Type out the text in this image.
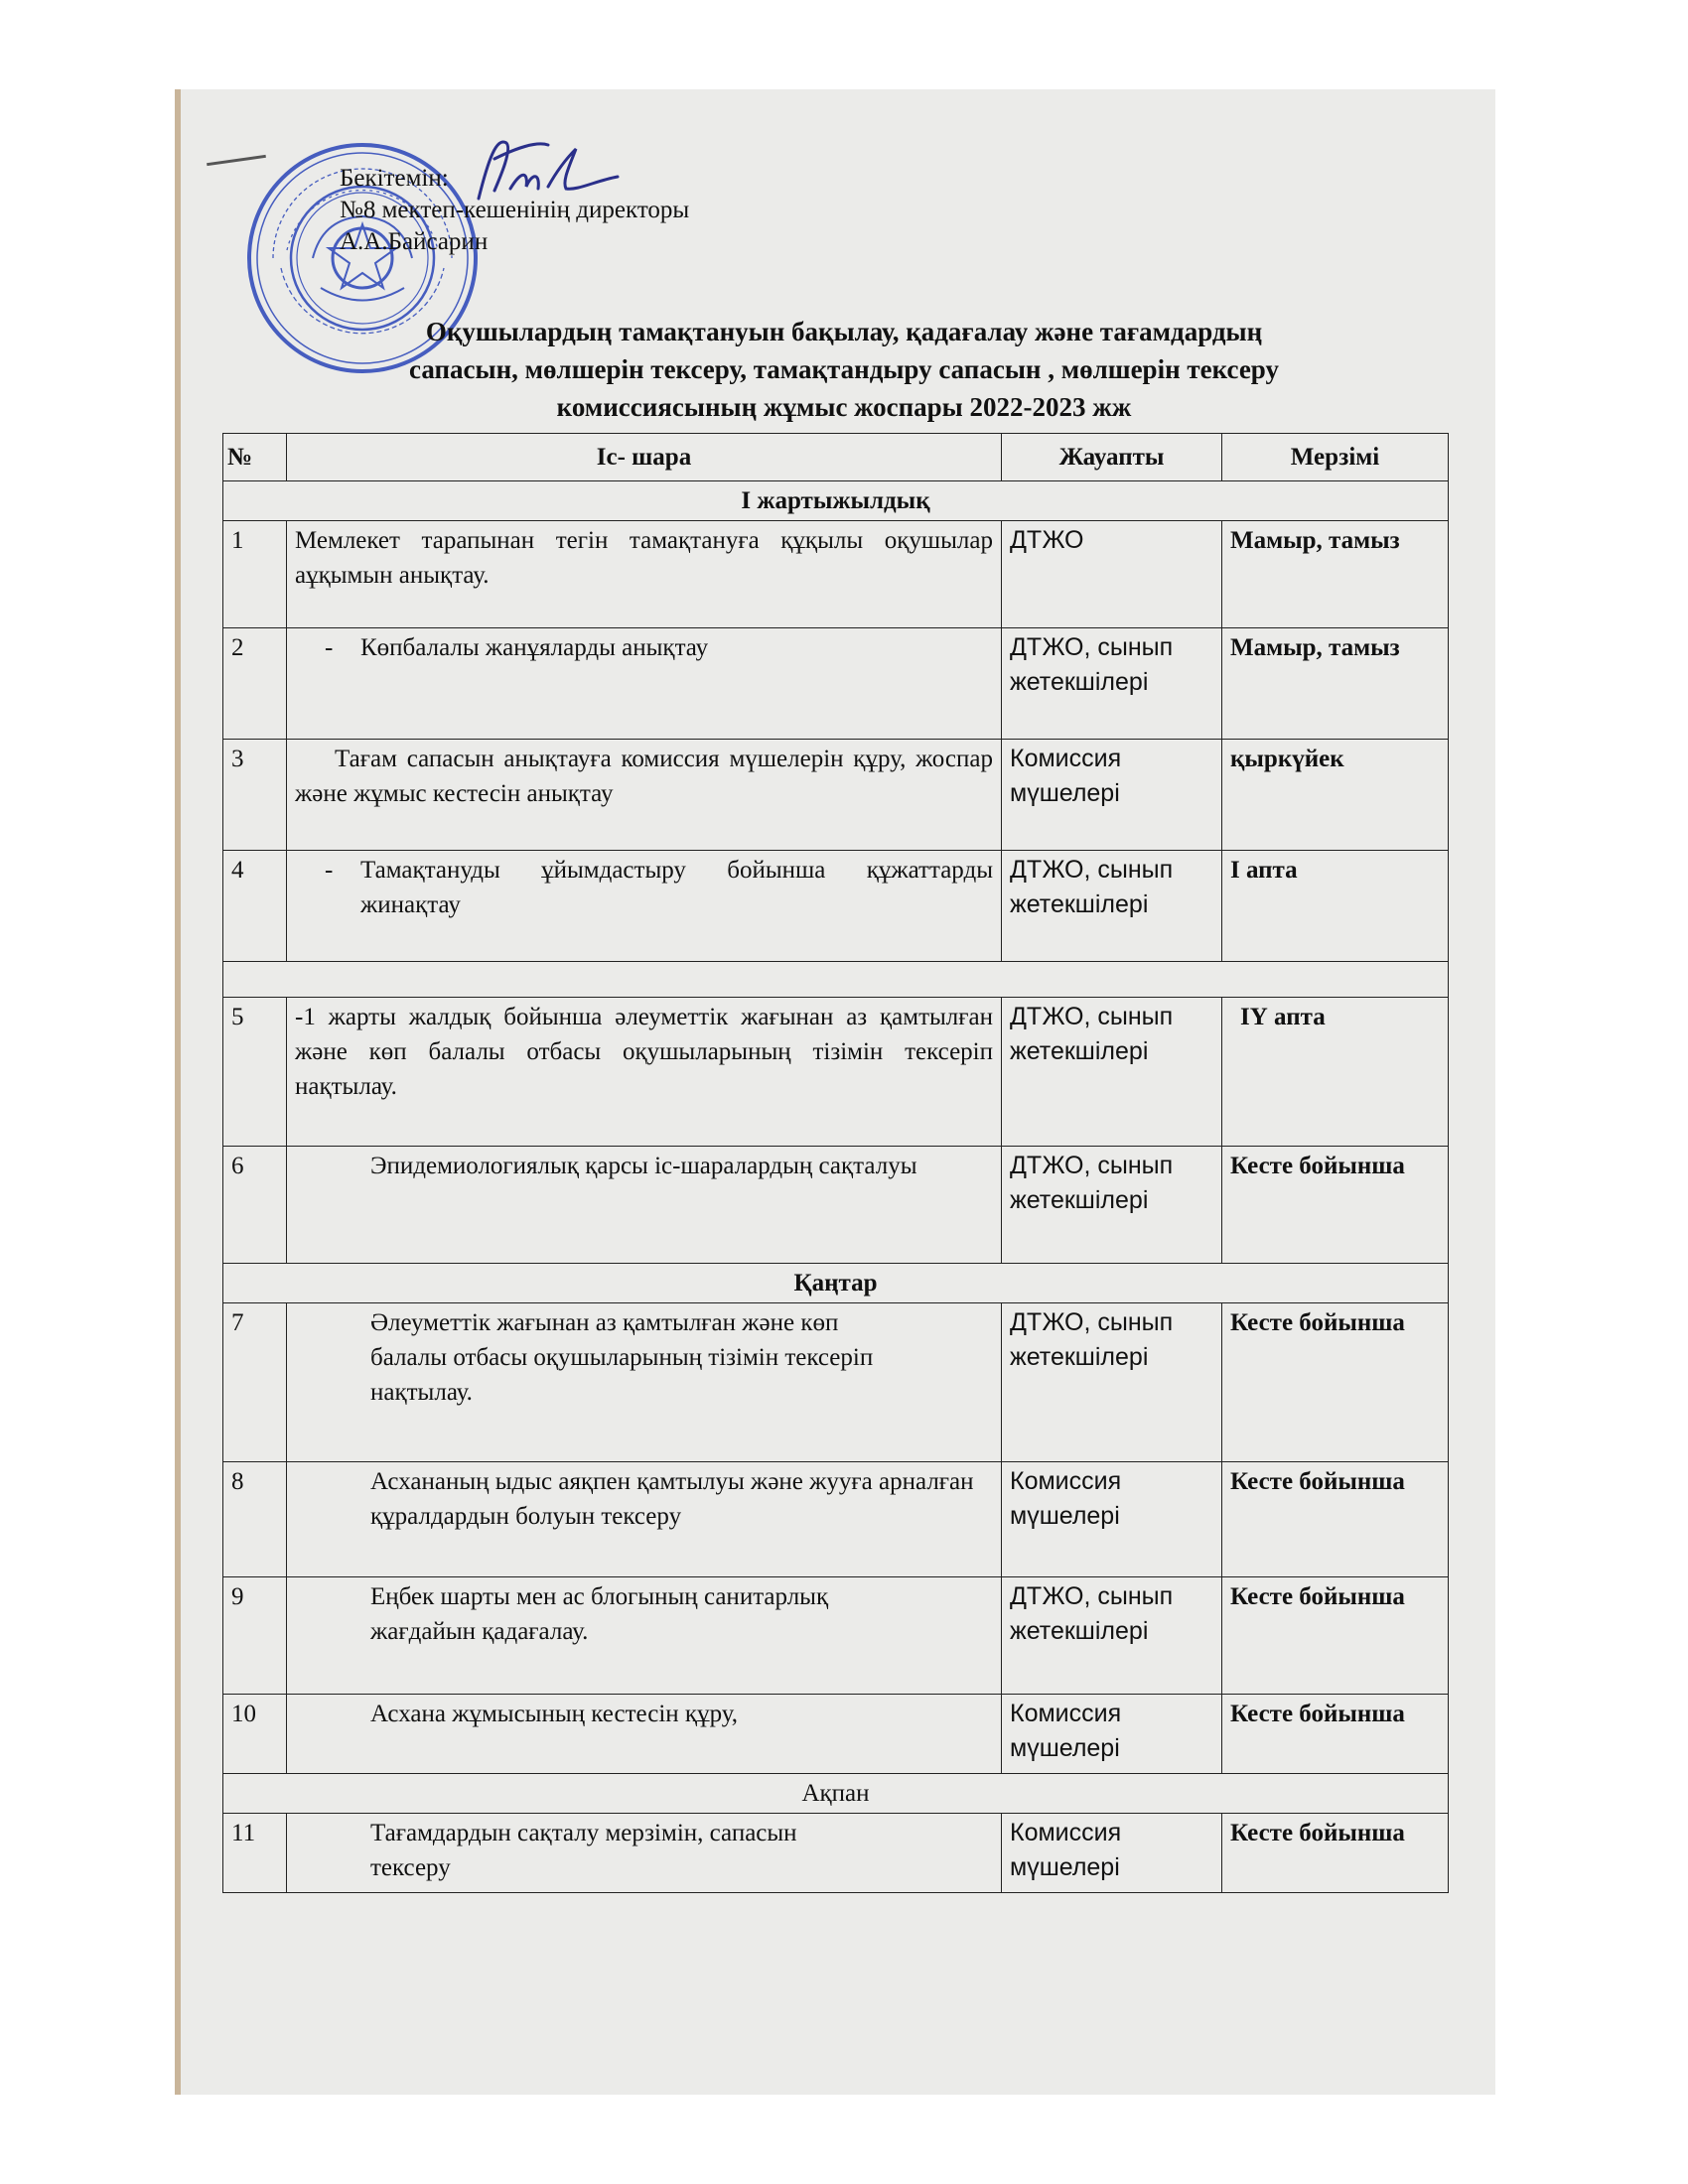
Бекітемін:
№8 мектеп-кешенінің директоры
А.А.Байсарин
Оқушылардың тамақтануын бақылау, қадағалау және тағамдардың
сапасын, мөлшерін тексеру, тамақтандыру сапасын , мөлшерін тексеру
комиссиясының жұмыс жоспары 2022-2023 жж
№	Іс- шара	Жауапты	Мерзімі
І жартыжылдық			
1	Мемлекет тарапынан тегін тамақтануға құқылы оқушылар аұқымын анықтау.	ДТЖО	Мамыр, тамыз
2	- Көпбалалы жанұяларды анықтау	ДТЖО, сынып жетекшілері	Мамыр, тамыз
3	Тағам сапасын анықтауға комиссия мүшелерін құру, жоспар және жұмыс кестесін анықтау	Комиссия мүшелері	қыркүйек
4	- Тамақтануды ұйымдастыру бойынша құжаттарды жинақтау	ДТЖО, сынып жетекшілері	І апта

5	-1 жарты жалдық бойынша әлеуметтік жағынан аз қамтылған және көп балалы отбасы оқушыларының тізімін тексеріп нақтылау.	ДТЖО, сынып жетекшілері	ІҮ апта
6	Эпидемиологиялық қарсы іс-шаралардың сақталуы	ДТЖО, сынып жетекшілері	Кесте бойынша
Қаңтар			
7	Әлеуметтік жағынан аз қамтылған және көп балалы отбасы оқушыларының тізімін тексеріп нақтылау.	ДТЖО, сынып жетекшілері	Кесте бойынша
8	Асхананың ыдыс аяқпен қамтылуы және жууға арналған құралдардын болуын тексеру	Комиссия мүшелері	Кесте бойынша
9	Еңбек шарты мен ас блогының санитарлық жағдайын қадағалау.	ДТЖО, сынып жетекшілері	Кесте бойынша
10	Асхана жұмысының кестесін құру,	Комиссия мүшелері	Кесте бойынша
Ақпан			
11	Тағамдардын сақталу мерзімін, сапасын тексеру	Комиссия мүшелері	Кесте бойынша
